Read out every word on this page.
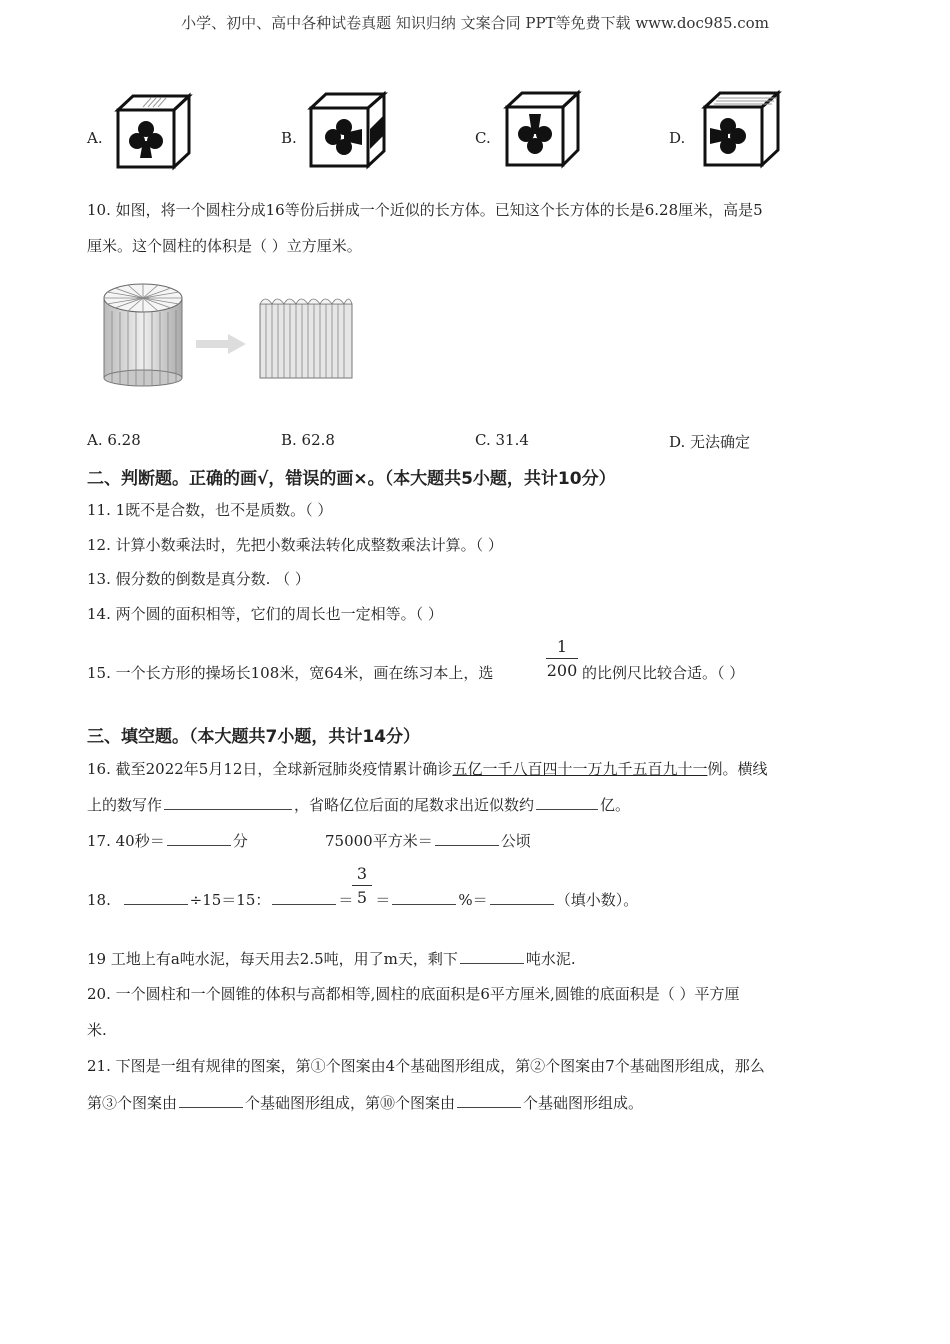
小学、初中、高中各种试卷真题 知识归纳 文案合同 PPT等免费下载 www.doc985.com
A.	B.	C.	D.
10. 如图，将一个圆柱分成16等份后拼成一个近似的长方体。已知这个长方体的长是6.28厘米，高是5
厘米。这个圆柱的体积是（ ）立方厘米。
A. 6.28	B. 62.8	C. 31.4	D. 无法确定
二、判断题。正确的画√，错误的画×。（本大题共5小题，共计10分）
11. 1既不是合数，也不是质数。（ ）
12. 计算小数乘法时，先把小数乘法转化成整数乘法计算。（ ）
13. 假分数的倒数是真分数. （ ）
14. 两个圆的面积相等，它们的周长也一定相等。（ ）
15. 一个长方形的操场长108米，宽64米，画在练习本上，选
1
200 的比例尺比较合适。（ ）
三、填空题。（本大题共7小题，共计14分）
16. 截至2022年5月12日，全球新冠肺炎疫情累计确诊五亿一千八百四十一万九千五百九十一例。横线
上的数写作	，省略亿位后面的尾数求出近似数约	亿。
17. 40秒＝	分	75000平方米＝	公顷
18.	÷15＝15：	＝ ＝	%＝	（填小数）。
3
5
19 工地上有a吨水泥，每天用去2.5吨，用了m天，剩下	吨水泥.
20. 一个圆柱和一个圆锥的体积与高都相等,圆柱的底面积是6平方厘米,圆锥的底面积是（ ）平方厘
米.
21. 下图是一组有规律的图案，第①个图案由4个基础图形组成，第②个图案由7个基础图形组成，那么
第③个图案由	个基础图形组成，第⑩个图案由	个基础图形组成。
